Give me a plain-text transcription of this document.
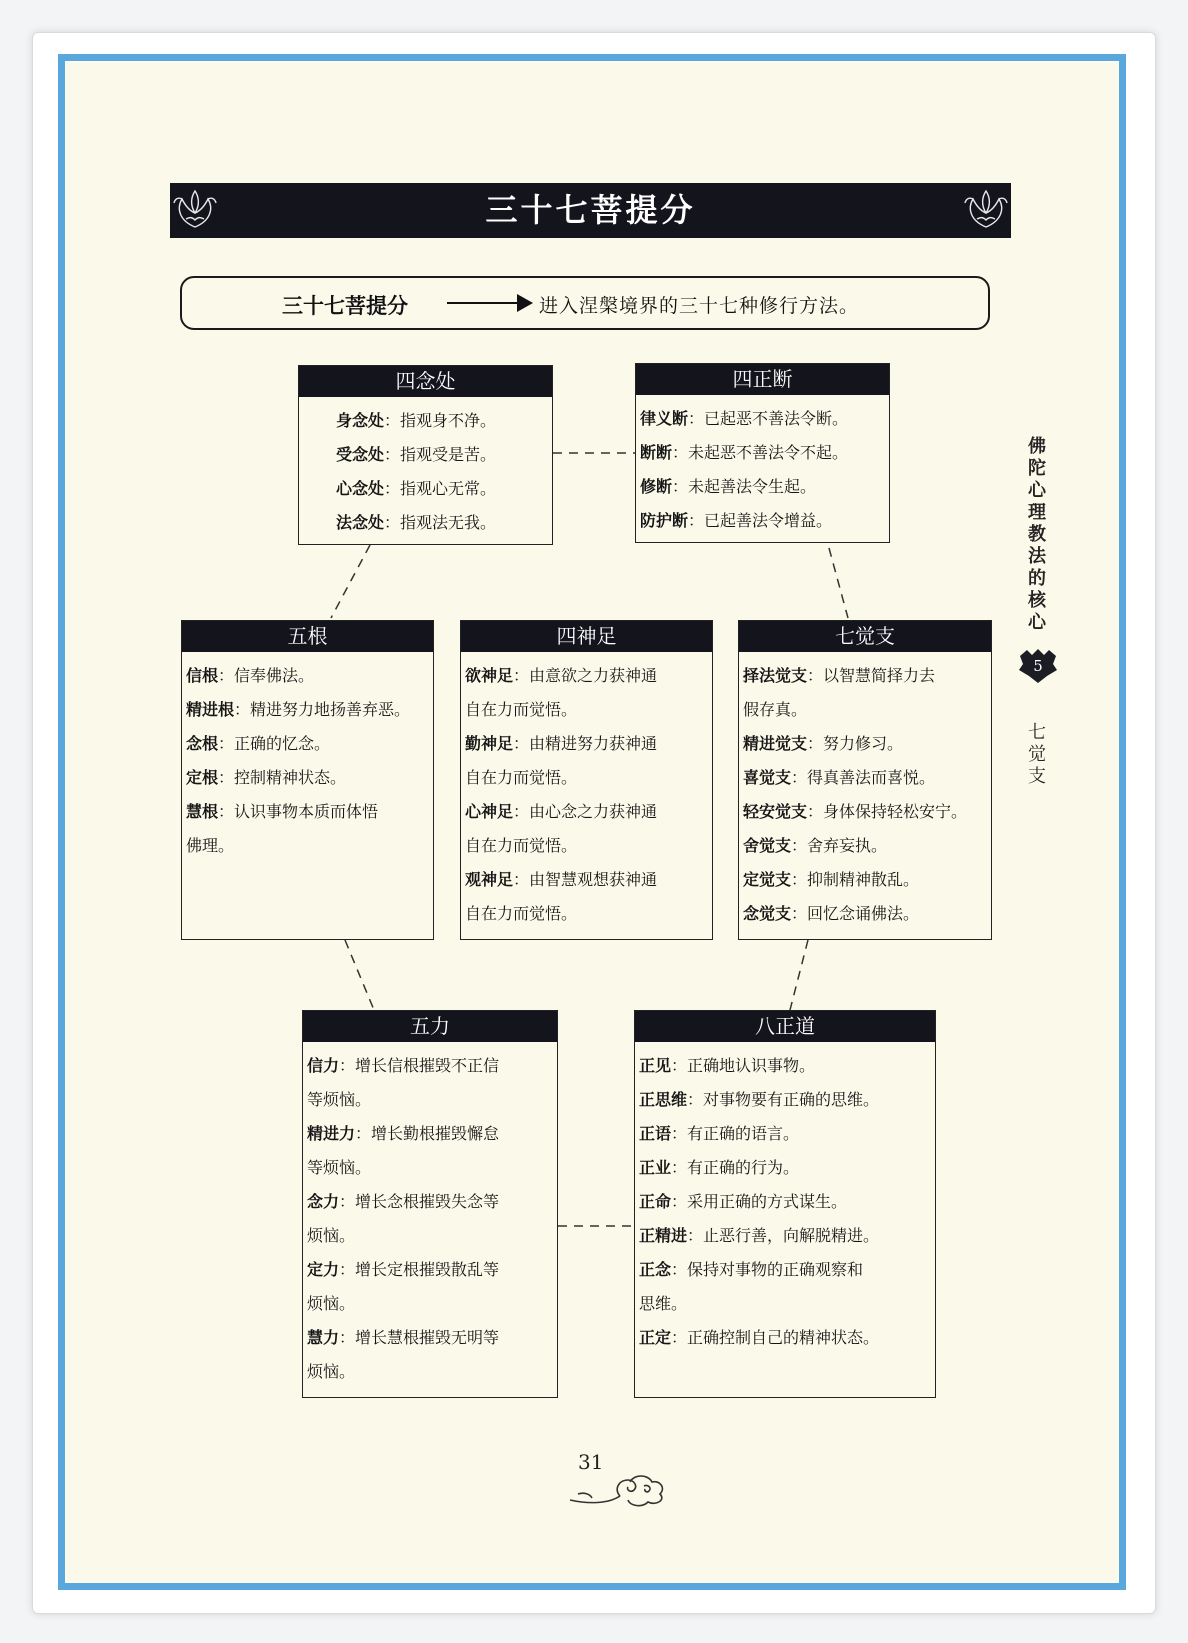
三十七菩提分
三十七菩提分	进入涅槃境界的三十七种修行方法。
四念处
身念处：指观身不净。
受念处：指观受是苦。
心念处：指观心无常。
法念处：指观法无我。
四正断
律义断：已起恶不善法令断。
断断：未起恶不善法令不起。
修断：未起善法令生起。
防护断：已起善法令增益。
五根
信根：信奉佛法。
精进根：精进努力地扬善弃恶。
念根：正确的忆念。
定根：控制精神状态。
慧根：认识事物本质而体悟
佛理。
四神足
欲神足：由意欲之力获神通
自在力而觉悟。
勤神足：由精进努力获神通
自在力而觉悟。
心神足：由心念之力获神通
自在力而觉悟。
观神足：由智慧观想获神通
自在力而觉悟。
七觉支
择法觉支：以智慧简择力去
假存真。
精进觉支：努力修习。
喜觉支：得真善法而喜悦。
轻安觉支：身体保持轻松安宁。
舍觉支：舍弃妄执。
定觉支：抑制精神散乱。
念觉支：回忆念诵佛法。
五力
信力：增长信根摧毁不正信
等烦恼。
精进力：增长勤根摧毁懈怠
等烦恼。
念力：增长念根摧毁失念等
烦恼。
定力：增长定根摧毁散乱等
烦恼。
慧力：增长慧根摧毁无明等
烦恼。
八正道
正见：正确地认识事物。
正思维：对事物要有正确的思维。
正语：有正确的语言。
正业：有正确的行为。
正命：采用正确的方式谋生。
正精进：止恶行善，向解脱精进。
正念：保持对事物的正确观察和
思维。
正定：正确控制自己的精神状态。
佛
陀
心
理
教
法
的
核
心
5
七
觉
支
31
